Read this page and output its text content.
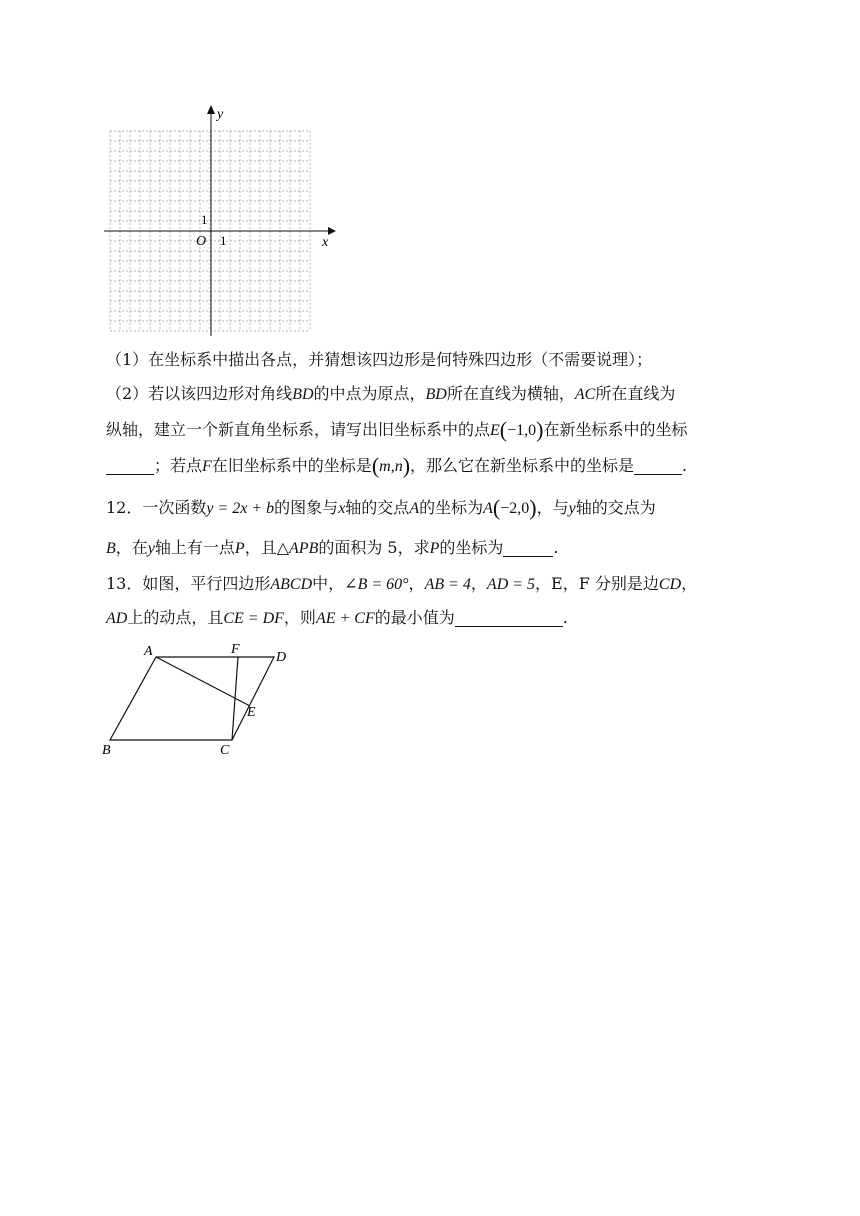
y
x
O 1
1
（1）在坐标系中描出各点，并猜想该四边形是何特殊四边形（不需要说理）；
（2）若以该四边形对角线BD的中点为原点，BD所在直线为横轴，AC所在直线为
纵轴，建立一个新直角坐标系，请写出旧坐标系中的点E(−1,0)在新坐标系中的坐标
；若点F在旧坐标系中的坐标是(m,n)，那么它在新坐标系中的坐标是	.
12．一次函数y = 2x + b的图象与x轴的交点A的坐标为A(−2,0)，与y轴的交点为
B，在y轴上有一点P，且△APB的面积为 5，求P的坐标为	.
13．如图，平行四边形ABCD中，∠B = 60°，AB = 4，AD = 5，E，F 分别是边CD，
AD上的动点，且CE = DF，则AE + CF的最小值为	.
A	F
D
E
B	C
